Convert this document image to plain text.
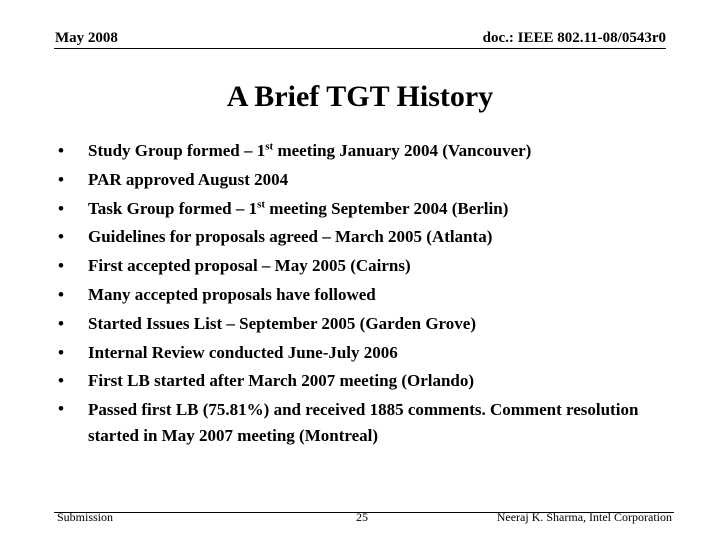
May 2008	doc.: IEEE 802.11-08/0543r0
A Brief TGT History
• Study Group formed – 1st meeting January 2004 (Vancouver)
• PAR approved August 2004
• Task Group formed – 1st meeting September 2004 (Berlin)
• Guidelines for proposals agreed – March 2005 (Atlanta)
• First accepted proposal – May 2005 (Cairns)
• Many accepted proposals have followed
• Started Issues List – September 2005 (Garden Grove)
• Internal Review conducted June-July 2006
• First LB started after March 2007 meeting (Orlando)
• Passed first LB (75.81%) and received 1885 comments. Comment resolution started in May 2007 meeting (Montreal)
Submission	25	Neeraj K. Sharma, Intel Corporation
